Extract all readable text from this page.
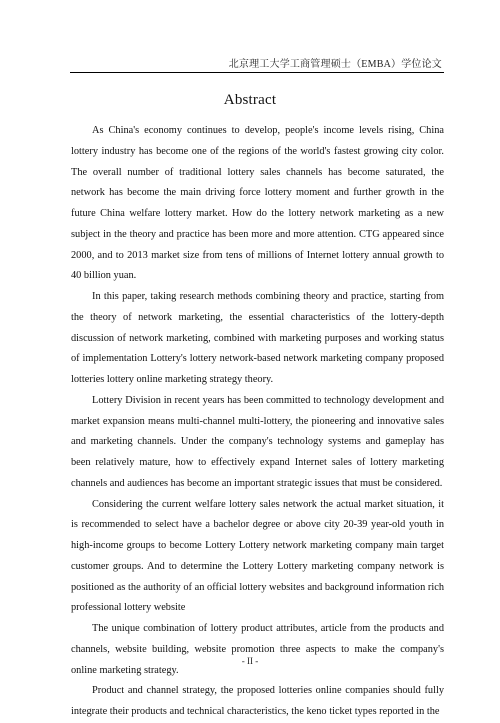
北京理工大学工商管理硕士（EMBA）学位论文
Abstract

As China's economy continues to develop, people's income levels rising, China lottery industry has become one of the regions of the world's fastest growing city color. The overall number of traditional lottery sales channels has become saturated, the network has become the main driving force lottery moment and further growth in the future China welfare lottery market. How do the lottery network marketing as a new subject in the theory and practice has been more and more attention. CTG appeared since 2000, and to 2013 market size from tens of millions of Internet lottery annual growth to 40 billion yuan.

In this paper, taking research methods combining theory and practice, starting from the theory of network marketing, the essential characteristics of the lottery-depth discussion of network marketing, combined with marketing purposes and working status of implementation Lottery's lottery network-based network marketing company proposed lotteries lottery online marketing strategy theory.

Lottery Division in recent years has been committed to technology development and market expansion means multi-channel multi-lottery, the pioneering and innovative sales and marketing channels. Under the company's technology systems and gameplay has been relatively mature, how to effectively expand Internet sales of lottery marketing channels and audiences has become an important strategic issues that must be considered.

Considering the current welfare lottery sales network the actual market situation, it is recommended to select have a bachelor degree or above city 20-39 year-old youth in high-income groups to become Lottery Lottery network marketing company main target customer groups. And to determine the Lottery Lottery marketing company network is positioned as the authority of an official lottery websites and background information rich professional lottery website

The unique combination of lottery product attributes, article from the products and channels, website building, website promotion three aspects to make the company's online marketing strategy.

Product and channel strategy, the proposed lotteries online companies should fully integrate their products and technical characteristics, the keno ticket types reported in the

- II -
